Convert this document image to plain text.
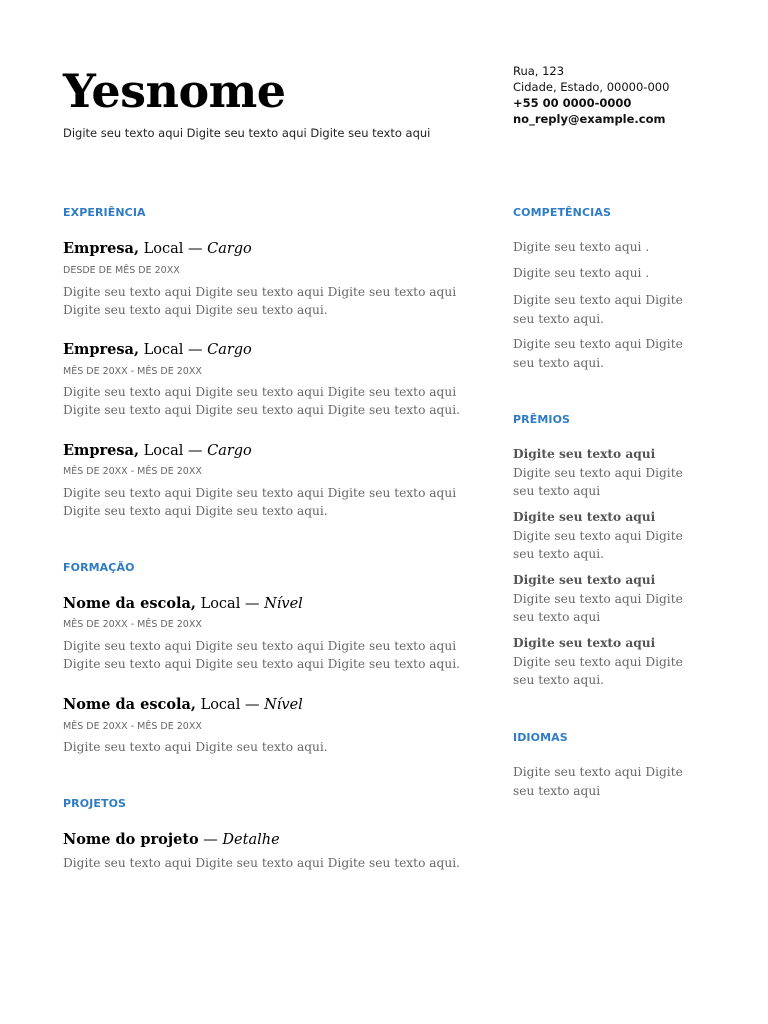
Yesnome
Digite seu texto aqui Digite seu texto aqui Digite seu texto aqui
Rua, 123
Cidade, Estado, 00000-000
+55 00 0000-0000
no_reply@example.com
EXPERIÊNCIA
Empresa, Local — Cargo
DESDE DE MÊS DE 20XX
Digite seu texto aqui Digite seu texto aqui Digite seu texto aqui Digite seu texto aqui Digite seu texto aqui.
Empresa, Local — Cargo
MÊS DE 20XX - MÊS DE 20XX
Digite seu texto aqui Digite seu texto aqui Digite seu texto aqui Digite seu texto aqui Digite seu texto aqui Digite seu texto aqui.
Empresa, Local — Cargo
MÊS DE 20XX - MÊS DE 20XX
Digite seu texto aqui Digite seu texto aqui Digite seu texto aqui Digite seu texto aqui Digite seu texto aqui.
FORMAÇÃO
Nome da escola, Local — Nível
MÊS DE 20XX - MÊS DE 20XX
Digite seu texto aqui Digite seu texto aqui Digite seu texto aqui Digite seu texto aqui Digite seu texto aqui Digite seu texto aqui.
Nome da escola, Local — Nível
MÊS DE 20XX - MÊS DE 20XX
Digite seu texto aqui Digite seu texto aqui.
PROJETOS
Nome do projeto — Detalhe
Digite seu texto aqui Digite seu texto aqui Digite seu texto aqui.
COMPETÊNCIAS
Digite seu texto aqui .
Digite seu texto aqui .
Digite seu texto aqui Digite seu texto aqui.
Digite seu texto aqui Digite seu texto aqui.
PRÊMIOS
Digite seu texto aqui Digite seu texto aqui Digite seu texto aqui
Digite seu texto aqui Digite seu texto aqui Digite seu texto aqui.
Digite seu texto aqui Digite seu texto aqui Digite seu texto aqui
Digite seu texto aqui Digite seu texto aqui Digite seu texto aqui.
IDIOMAS
Digite seu texto aqui Digite seu texto aqui
